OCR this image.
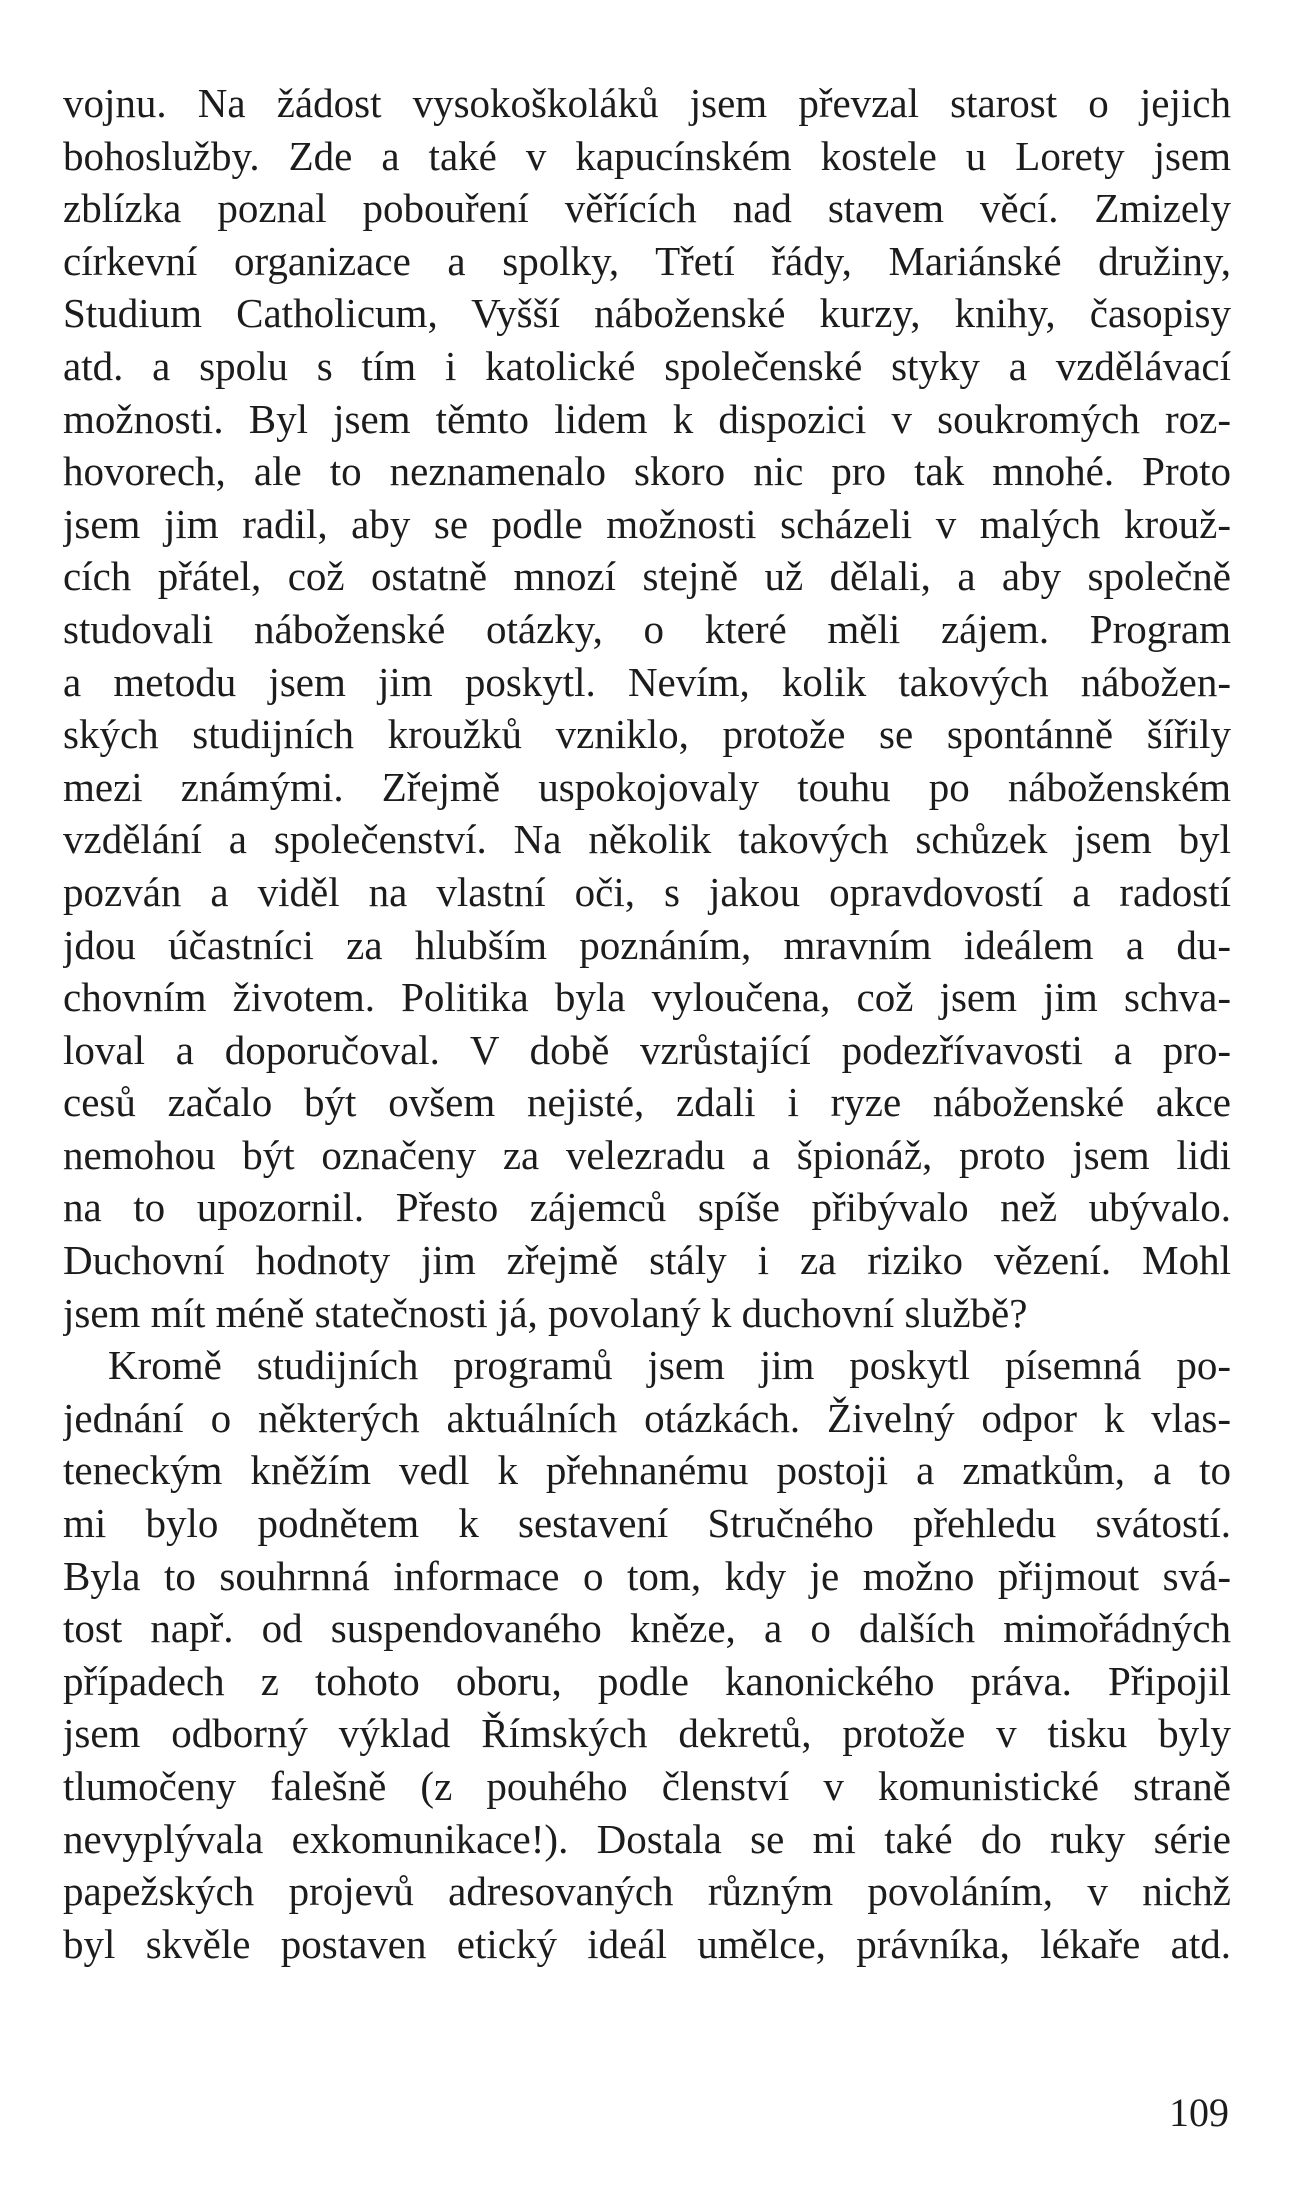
vojnu. Na žádost vysokoškoláků jsem převzal starost o jejich
bohoslužby. Zde a také v kapucínském kostele u Lorety jsem
zblízka poznal pobouření věřících nad stavem věcí. Zmizely
církevní organizace a spolky, Třetí řády, Mariánské družiny,
Studium Catholicum, Vyšší náboženské kurzy, knihy, časopisy
atd. a spolu s tím i katolické společenské styky a vzdělávací
možnosti. Byl jsem těmto lidem k dispozici v soukromých roz-
hovorech, ale to neznamenalo skoro nic pro tak mnohé. Proto
jsem jim radil, aby se podle možnosti scházeli v malých krouž-
cích přátel, což ostatně mnozí stejně už dělali, a aby společně
studovali náboženské otázky, o které měli zájem. Program
a metodu jsem jim poskytl. Nevím, kolik takových nábožen-
ských studijních kroužků vzniklo, protože se spontánně šířily
mezi známými. Zřejmě uspokojovaly touhu po náboženském
vzdělání a společenství. Na několik takových schůzek jsem byl
pozván a viděl na vlastní oči, s jakou opravdovostí a radostí
jdou účastníci za hlubším poznáním, mravním ideálem a du-
chovním životem. Politika byla vyloučena, což jsem jim schva-
loval a doporučoval. V době vzrůstající podezřívavosti a pro-
cesů začalo být ovšem nejisté, zdali i ryze náboženské akce
nemohou být označeny za velezradu a špionáž, proto jsem lidi
na to upozornil. Přesto zájemců spíše přibývalo než ubývalo.
Duchovní hodnoty jim zřejmě stály i za riziko vězení. Mohl
jsem mít méně statečnosti já, povolaný k duchovní službě?

Kromě studijních programů jsem jim poskytl písemná po-
jednání o některých aktuálních otázkách. Živelný odpor k vlas-
teneckým kněžím vedl k přehnanému postoji a zmatkům, a to
mi bylo podnětem k sestavení Stručného přehledu svátostí.
Byla to souhrnná informace o tom, kdy je možno přijmout svá-
tost např. od suspendovaného kněze, a o dalších mimořádných
případech z tohoto oboru, podle kanonického práva. Připojil
jsem odborný výklad Římských dekretů, protože v tisku byly
tlumočeny falešně (z pouhého členství v komunistické straně
nevyplývala exkomunikace!). Dostala se mi také do ruky série
papežských projevů adresovaných různým povoláním, v nichž
byl skvěle postaven etický ideál umělce, právníka, lékaře atd.

109
